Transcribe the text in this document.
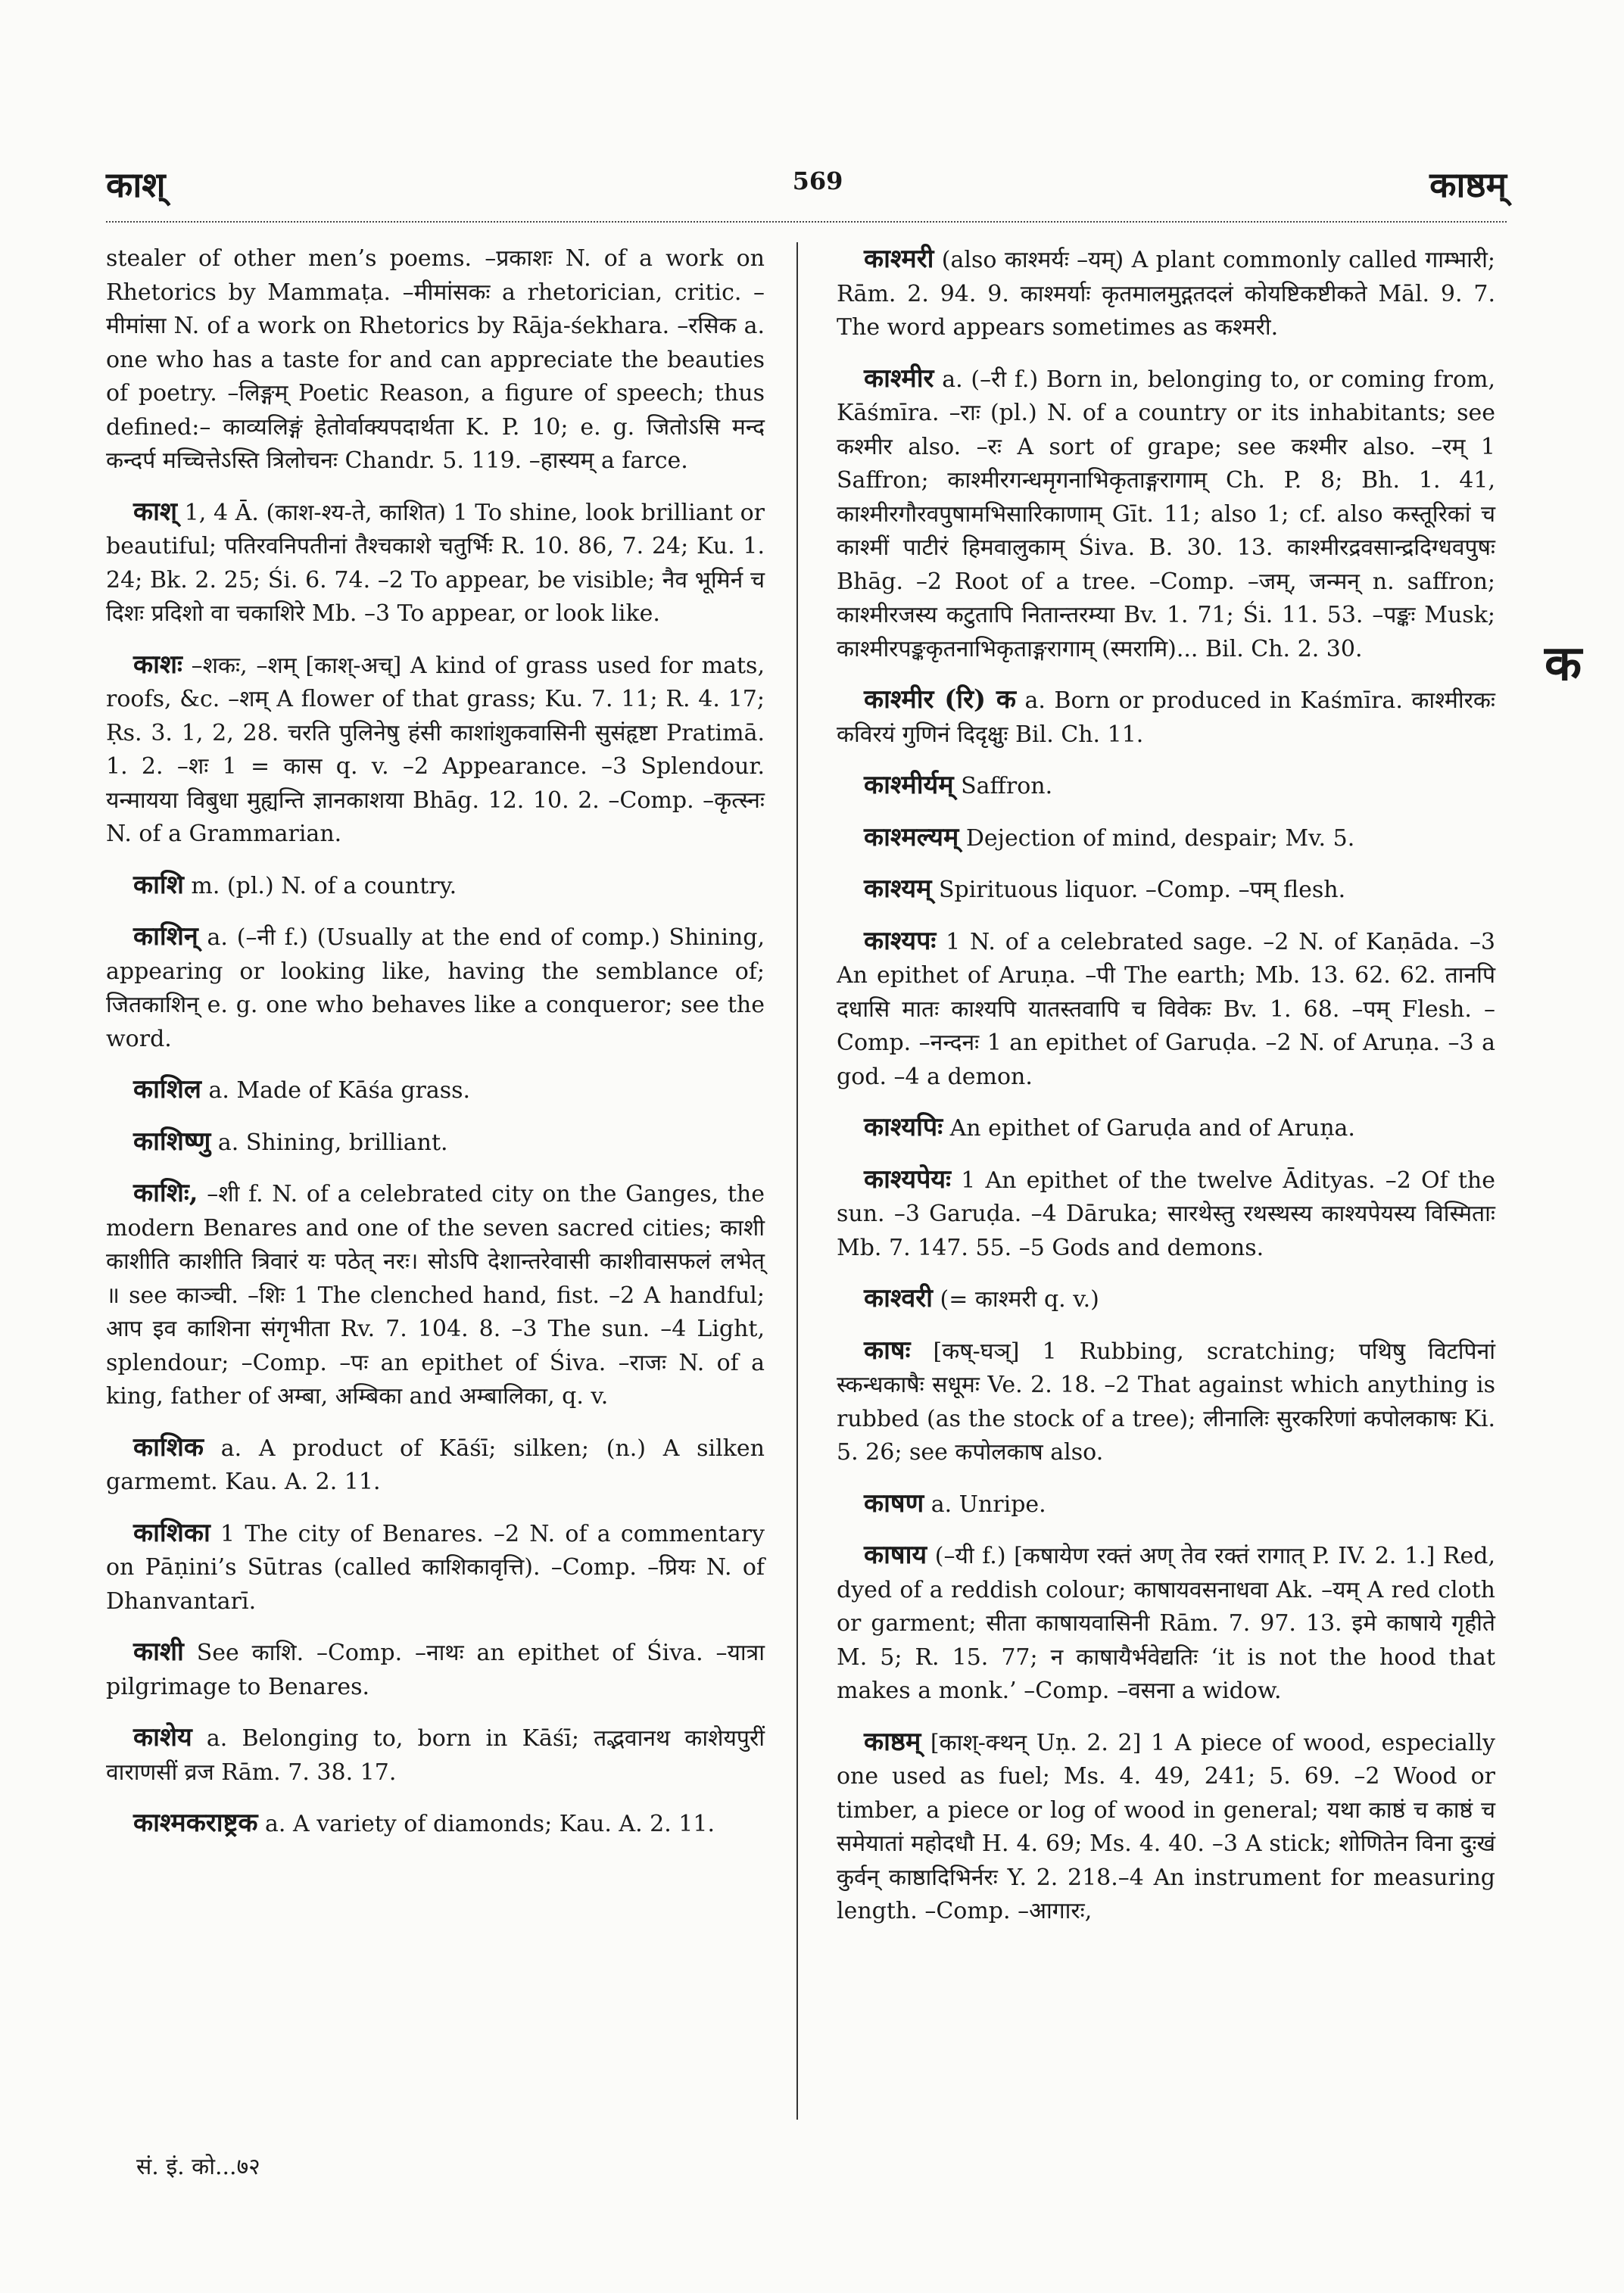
काश्	569	काष्ठम्

stealer of other men’s poems. –प्रकाशः N. of a work on Rhetorics by Mammaṭa. –मीमांसकः a rhetorician, critic. –मीमांसा N. of a work on Rhetorics by Rāja-śekhara. –रसिक a. one who has a taste for and can appreciate the beauties of poetry. –लिङ्गम् Poetic Reason, a figure of speech; thus defined:– काव्यलिङ्गं हेतोर्वाक्यपदार्थता K. P. 10; e. g. जितोऽसि मन्द कन्दर्प मच्चित्तेऽस्ति त्रिलोचनः Chandr. 5. 119. –हास्यम् a farce.

काश् 1, 4 Ā. (काश-श्य-ते, काशित) 1 To shine, look brilliant or beautiful; पतिरवनिपतीनां तैश्चकाशे चतुर्भिः R. 10. 86, 7. 24; Ku. 1. 24; Bk. 2. 25; Śi. 6. 74. –2 To appear, be visible; नैव भूमिर्न च दिशः प्रदिशो वा चकाशिरे Mb. –3 To appear, or look like.

काशः –शकः, –शम् [काश्-अच्] A kind of grass used for mats, roofs, &c. –शम् A flower of that grass; Ku. 7. 11; R. 4. 17; Ṛs. 3. 1, 2, 28. चरति पुलिनेषु हंसी काशांशुकवासिनी सुसंहृष्टा Pratimā. 1. 2. –शः 1 = कास q. v. –2 Appearance. –3 Splendour. यन्मायया वि‍बुधा मुह्यन्ति ज्ञानकाशया Bhāg. 12. 10. 2. –Comp. –कृत्स्नः N. of a Grammarian.

काशि m. (pl.) N. of a country.

काशिन् a. (–नी f.) (Usually at the end of comp.) Shining, appearing or looking like, having the semblance of; जितकाशिन् e. g. one who behaves like a conqueror; see the word.

काशिल a. Made of Kāśa grass.

काशिष्णु a. Shining, brilliant.

काशिः, –शी f. N. of a celebrated city on the Ganges, the modern Benares and one of the seven sacred cities; काशी काशीति काशीति त्रिवारं यः पठेत् नरः। सोऽपि देशान्तरेवासी काशीवासफलं लभेत् ॥ see काञ्ची. –शिः 1 The clenched hand, fist. –2 A handful; आप इव काशिना संगृभीता Rv. 7. 104. 8. –3 The sun. –4 Light, splendour; –Comp. –पः an epithet of Śiva. –राजः N. of a king, father of अम्बा, अम्बिका and अम्बालिका, q. v.

काशिक a. A product of Kāśī; silken; (n.) A silken garmemt. Kau. A. 2. 11.

काशिका 1 The city of Benares. –2 N. of a commentary on Pāṇini’s Sūtras (called काशिकावृत्ति). –Comp. –प्रियः N. of Dhanvantarī.

काशी See काशि. –Comp. –नाथः an epithet of Śiva. –यात्रा pilgrimage to Benares.

काशेय a. Belonging to, born in Kāśī; तद्भवानथ काशेयपुरीं वाराणसीं व्रज Rām. 7. 38. 17.

काश्मकराष्ट्रक a. A variety of diamonds; Kau. A. 2. 11.

काश्मरी (also काश्मर्यः –यम्) A plant commonly called गाम्भारी; Rām. 2. 94. 9. काश्मर्याः कृतमालमुद्गतदलं कोयष्टिकष्टीकते Māl. 9. 7. The word appears sometimes as कश्मरी.

काश्मीर a. (–री f.) Born in, belonging to, or coming from, Kāśmīra. –राः (pl.) N. of a country or its inhabitants; see कश्मीर also. –रः A sort of grape; see कश्मीर also. –रम् 1 Saffron; काश्मीरगन्धमृगनाभिकृताङ्गरागाम् Ch. P. 8; Bh. 1. 41, काश्मीरगौरवपुषामभिसारिकाणाम् Gīt. 11; also 1; cf. also कस्तूरिकां च काश्मीं पाटीरं हिमवालुकाम् Śiva. B. 30. 13. काश्मीरद्रवसान्द्रदिग्धवपुषः Bhāg. –2 Root of a tree. –Comp. –जम्, जन्मन् n. saffron; काश्मीरजस्य कटुतापि नितान्तरम्या Bv. 1. 71; Śi. 11. 53. –पङ्कः Musk; काश्मीरपङ्ककृतनाभिकृताङ्गरागाम् (स्मरामि)... Bil. Ch. 2. 30.

काश्मीर (रि) क a. Born or produced in Kaśmīra. काश्मीरकः कविरयं गुणिनं दिदृक्षुः Bil. Ch. 11.

काश्मीर्यम् Saffron.

काश्मल्यम् Dejection of mind, despair; Mv. 5.

काश्यम् Spirituous liquor. –Comp. –पम् flesh.

काश्यपः 1 N. of a celebrated sage. –2 N. of Kaṇāda. –3 An epithet of Aruṇa. –पी The earth; Mb. 13. 62. 62. तानपि दधासि मातः काश्यपि यातस्तवापि च विवेकः Bv. 1. 68. –पम् Flesh. –Comp. –नन्दनः 1 an epithet of Garuḍa. –2 N. of Aruṇa. –3 a god. –4 a demon.

काश्यपिः An epithet of Garuḍa and of Aruṇa.

काश्यपेयः 1 An epithet of the twelve Ādityas. –2 Of the sun. –3 Garuḍa. –4 Dāruka; सारथेस्तु रथस्थस्य काश्यपेयस्य विस्मिताः Mb. 7. 147. 55. –5 Gods and demons.

काश्वरी (= काश्मरी q. v.)

काषः [कष्-घञ्] 1 Rubbing, scratching; पथिषु विटपिनां स्कन्धकाषैः सधूमः Ve. 2. 18. –2 That against which anything is rubbed (as the stock of a tree); लीनालिः सुरकरिणां कपोलकाषः Ki. 5. 26; see कपोलकाष also.

काषण a. Unripe.

काषाय (–यी f.) [कषायेण रक्तं अण् तेव रक्तं रागात् P. IV. 2. 1.] Red, dyed of a reddish colour; काषायवसनाधवा Ak. –यम् A red cloth or garment; सीता काषायवासिनी Rām. 7. 97. 13. इमे काषाये गृहीते M. 5; R. 15. 77; न काषायैर्भवेद्यतिः ‘it is not the hood that makes a monk.’ –Comp. –वसना a widow.

काष्ठम् [काश्-क्थन् Uṇ. 2. 2] 1 A piece of wood, especially one used as fuel; Ms. 4. 49, 241; 5. 69. –2 Wood or timber, a piece or log of wood in general; यथा काष्ठं च काष्ठं च समेयातां महोदधौ H. 4. 69; Ms. 4. 40. –3 A stick; शोणितेन विना दुःखं कुर्वन् काष्ठादिभिर्नरः Y. 2. 218.–4 An instrument for measuring length. –Comp. –आगारः,

क
सं. इं. को...७२
